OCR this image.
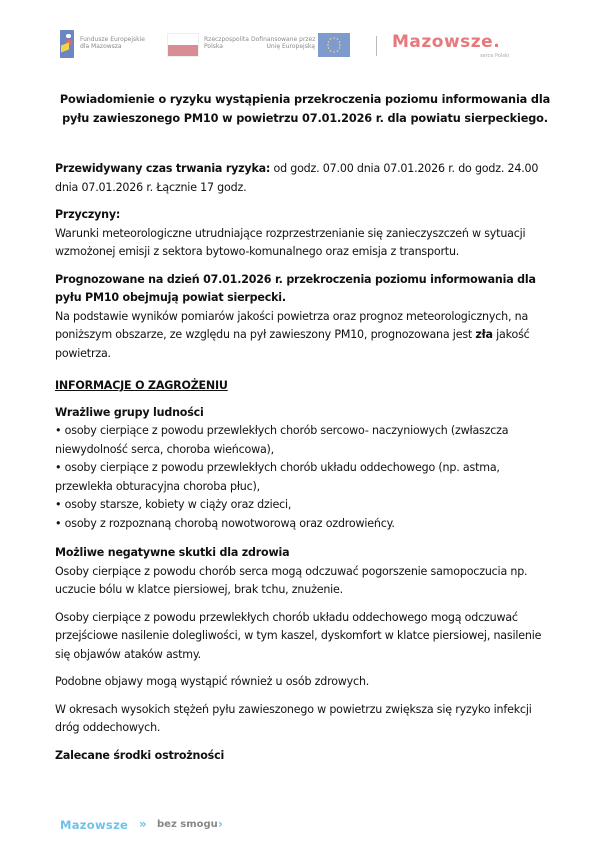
Fundusze Europejskie
dla Mazowsza
Rzeczpospolita
Polska
Dofinansowane przez
Unię Europejską	Mazowsze.
serce Polski
Powiadomienie o ryzyku wystąpienia przekroczenia poziomu informowania dla pyłu zawieszonego PM10 w powietrzu 07.01.2026 r. dla powiatu sierpeckiego.

Przewidywany czas trwania ryzyka: od godz. 07.00 dnia 07.01.2026 r. do godz. 24.00 dnia 07.01.2026 r. Łącznie 17 godz.

Przyczyny:

Warunki meteorologiczne utrudniające rozprzestrzenianie się zanieczyszczeń w sytuacji wzmożonej emisji z sektora bytowo-komunalnego oraz emisja z transportu.

Prognozowane na dzień 07.01.2026 r. przekroczenia poziomu informowania dla pyłu PM10 obejmują powiat sierpecki.

Na podstawie wyników pomiarów jakości powietrza oraz prognoz meteorologicznych, na poniższym obszarze, ze względu na pył zawieszony PM10, prognozowana jest zła jakość powietrza.

INFORMACJE O ZAGROŻENIU

Wrażliwe grupy ludności

• osoby cierpiące z powodu przewlekłych chorób sercowo- naczyniowych (zwłaszcza niewydolność serca, choroba wieńcowa),

• osoby cierpiące z powodu przewlekłych chorób układu oddechowego (np. astma, przewlekła obturacyjna choroba płuc),

• osoby starsze, kobiety w ciąży oraz dzieci,

• osoby z rozpoznaną chorobą nowotworową oraz ozdrowieńcy.

Możliwe negatywne skutki dla zdrowia

Osoby cierpiące z powodu chorób serca mogą odczuwać pogorszenie samopoczucia np. uczucie bólu w klatce piersiowej, brak tchu, znużenie.

Osoby cierpiące z powodu przewlekłych chorób układu oddechowego mogą odczuwać przejściowe nasilenie dolegliwości, w tym kaszel, dyskomfort w klatce piersiowej, nasilenie się objawów ataków astmy.

Podobne objawy mogą wystąpić również u osób zdrowych.

W okresach wysokich stężeń pyłu zawieszonego w powietrzu zwiększa się ryzyko infekcji dróg oddechowych.

Zalecane środki ostrożności

Mazowsze » bez smogu ›
